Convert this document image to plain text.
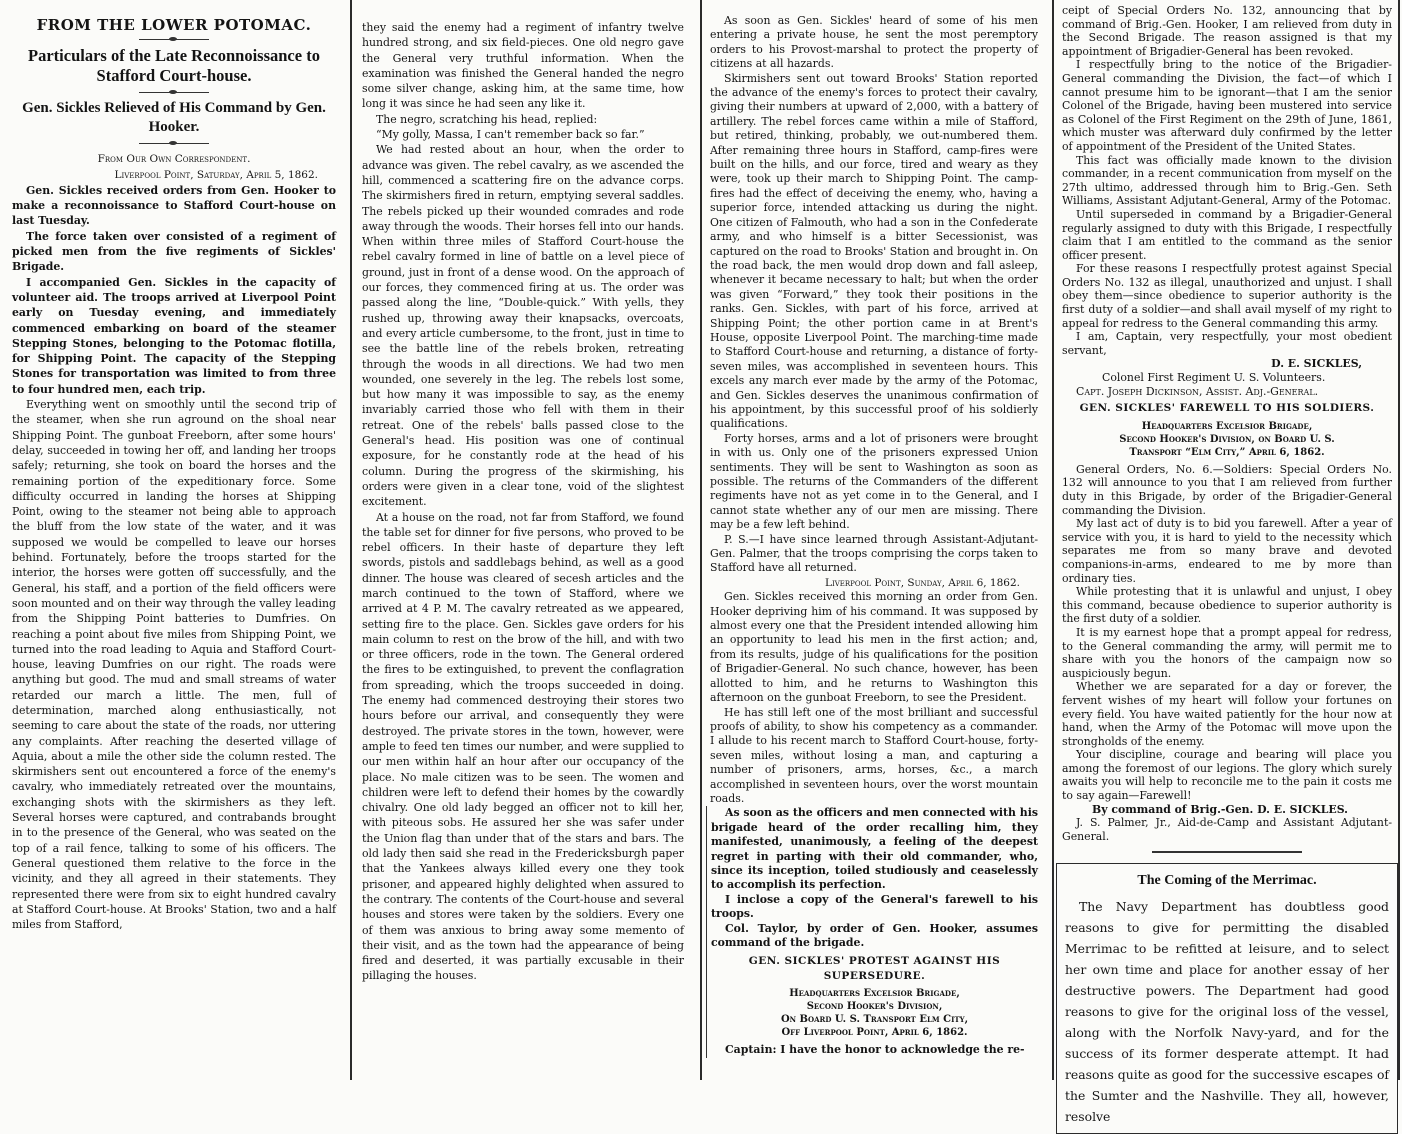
FROM THE LOWER POTOMAC.
Particulars of the Late Reconnoissance to Stafford Court-house.
Gen. Sickles Relieved of His Command by Gen. Hooker.
From Our Own Correspondent.
Liverpool Point, Saturday, April 5, 1862.

Gen. Sickles received orders from Gen. Hooker to make a reconnoissance to Stafford Court-house on last Tuesday.

The force taken over consisted of a regiment of picked men from the five regiments of Sickles' Brigade.

I accompanied Gen. Sickles in the capacity of volunteer aid. The troops arrived at Liverpool Point early on Tuesday evening, and immediately commenced embarking on board of the steamer Stepping Stones, belonging to the Potomac flotilla, for Shipping Point. The capacity of the Stepping Stones for transportation was limited to from three to four hundred men, each trip.

Everything went on smoothly until the second trip of the steamer, when she run aground on the shoal near Shipping Point. The gunboat Freeborn, after some hours' delay, succeeded in towing her off, and landing her troops safely; returning, she took on board the horses and the remaining portion of the expeditionary force. Some difficulty occurred in landing the horses at Shipping Point, owing to the steamer not being able to approach the bluff from the low state of the water, and it was supposed we would be compelled to leave our horses behind. Fortunately, before the troops started for the interior, the horses were gotten off successfully, and the General, his staff, and a portion of the field officers were soon mounted and on their way through the valley leading from the Shipping Point batteries to Dumfries. On reaching a point about five miles from Shipping Point, we turned into the road leading to Aquia and Stafford Court-house, leaving Dumfries on our right. The roads were anything but good. The mud and small streams of water retarded our march a little. The men, full of determination, marched along enthusiastically, not seeming to care about the state of the roads, nor uttering any complaints. After reaching the deserted village of Aquia, about a mile the other side the column rested. The skirmishers sent out encountered a force of the enemy's cavalry, who immediately retreated over the mountains, exchanging shots with the skirmishers as they left. Several horses were captured, and contrabands brought in to the presence of the General, who was seated on the top of a rail fence, talking to some of his officers. The General questioned them relative to the force in the vicinity, and they all agreed in their statements. They represented there were from six to eight hundred cavalry at Stafford Court-house. At Brooks' Station, two and a half miles from Stafford,

they said the enemy had a regiment of infantry twelve hundred strong, and six field-pieces. One old negro gave the General very truthful information. When the examination was finished the General handed the negro some silver change, asking him, at the same time, how long it was since he had seen any like it.

The negro, scratching his head, replied:

“My golly, Massa, I can't remember back so far.”

We had rested about an hour, when the order to advance was given. The rebel cavalry, as we ascended the hill, commenced a scattering fire on the advance corps. The skirmishers fired in return, emptying several saddles. The rebels picked up their wounded comrades and rode away through the woods. Their horses fell into our hands. When within three miles of Stafford Court-house the rebel cavalry formed in line of battle on a level piece of ground, just in front of a dense wood. On the approach of our forces, they commenced firing at us. The order was passed along the line, “Double-quick.” With yells, they rushed up, throwing away their knapsacks, overcoats, and every article cumbersome, to the front, just in time to see the battle line of the rebels broken, retreating through the woods in all directions. We had two men wounded, one severely in the leg. The rebels lost some, but how many it was impossible to say, as the enemy invariably carried those who fell with them in their retreat. One of the rebels' balls passed close to the General's head. His position was one of continual exposure, for he constantly rode at the head of his column. During the progress of the skirmishing, his orders were given in a clear tone, void of the slightest excitement.

At a house on the road, not far from Stafford, we found the table set for dinner for five persons, who proved to be rebel officers. In their haste of departure they left swords, pistols and saddlebags behind, as well as a good dinner. The house was cleared of secesh articles and the march continued to the town of Stafford, where we arrived at 4 P. M. The cavalry retreated as we appeared, setting fire to the place. Gen. Sickles gave orders for his main column to rest on the brow of the hill, and with two or three officers, rode in the town. The General ordered the fires to be extinguished, to prevent the conflagration from spreading, which the troops succeeded in doing. The enemy had commenced destroying their stores two hours before our arrival, and consequently they were destroyed. The private stores in the town, however, were ample to feed ten times our number, and were supplied to our men within half an hour after our occupancy of the place. No male citizen was to be seen. The women and children were left to defend their homes by the cowardly chivalry. One old lady begged an officer not to kill her, with piteous sobs. He assured her she was safer under the Union flag than under that of the stars and bars. The old lady then said she read in the Fredericksburgh paper that the Yankees always killed every one they took prisoner, and appeared highly delighted when assured to the contrary. The contents of the Court-house and several houses and stores were taken by the soldiers. Every one of them was anxious to bring away some memento of their visit, and as the town had the appearance of being fired and deserted, it was partially excusable in their pillaging the houses.

As soon as Gen. Sickles' heard of some of his men entering a private house, he sent the most peremptory orders to his Provost-marshal to protect the property of citizens at all hazards.

Skirmishers sent out toward Brooks' Station reported the advance of the enemy's forces to protect their cavalry, giving their numbers at upward of 2,000, with a battery of artillery. The rebel forces came within a mile of Stafford, but retired, thinking, probably, we out-numbered them. After remaining three hours in Stafford, camp-fires were built on the hills, and our force, tired and weary as they were, took up their march to Shipping Point. The camp-fires had the effect of deceiving the enemy, who, having a superior force, intended attacking us during the night. One citizen of Falmouth, who had a son in the Confederate army, and who himself is a bitter Secessionist, was captured on the road to Brooks' Station and brought in. On the road back, the men would drop down and fall asleep, whenever it became necessary to halt; but when the order was given “Forward,” they took their positions in the ranks. Gen. Sickles, with part of his force, arrived at Shipping Point; the other portion came in at Brent's House, opposite Liverpool Point. The marching-time made to Stafford Court-house and returning, a distance of forty-seven miles, was accomplished in seventeen hours. This excels any march ever made by the army of the Potomac, and Gen. Sickles deserves the unanimous confirmation of his appointment, by this successful proof of his soldierly qualifications.

Forty horses, arms and a lot of prisoners were brought in with us. Only one of the prisoners expressed Union sentiments. They will be sent to Washington as soon as possible. The returns of the Commanders of the different regiments have not as yet come in to the General, and I cannot state whether any of our men are missing. There may be a few left behind.

P. S.—I have since learned through Assistant-Adjutant-Gen. Palmer, that the troops comprising the corps taken to Stafford have all returned.

Liverpool Point, Sunday, April 6, 1862.

Gen. Sickles received this morning an order from Gen. Hooker depriving him of his command. It was supposed by almost every one that the President intended allowing him an opportunity to lead his men in the first action; and, from its results, judge of his qualifications for the position of Brigadier-General. No such chance, however, has been allotted to him, and he returns to Washington this afternoon on the gunboat Freeborn, to see the President.

He has still left one of the most brilliant and successful proofs of ability, to show his competency as a commander. I allude to his recent march to Stafford Court-house, forty-seven miles, without losing a man, and capturing a number of prisoners, arms, horses, &c., a march accomplished in seventeen hours, over the worst mountain roads.

As soon as the officers and men connected with his brigade heard of the order recalling him, they manifested, unanimously, a feeling of the deepest regret in parting with their old commander, who, since its inception, toiled studiously and ceaselessly to accomplish its perfection.

I inclose a copy of the General's farewell to his troops.

Col. Taylor, by order of Gen. Hooker, assumes command of the brigade.

GEN. SICKLES' PROTEST AGAINST HIS SUPERSEDURE.
Headquarters Excelsior Brigade,
Second Hooker's Division,
On Board U. S. Transport Elm City,
Off Liverpool Point, April 6, 1862.

Captain: I have the honor to acknowledge the re-

ceipt of Special Orders No. 132, announcing that by command of Brig.-Gen. Hooker, I am relieved from duty in the Second Brigade. The reason assigned is that my appointment of Brigadier-General has been revoked.

I respectfully bring to the notice of the Brigadier-General commanding the Division, the fact—of which I cannot presume him to be ignorant—that I am the senior Colonel of the Brigade, having been mustered into service as Colonel of the First Regiment on the 29th of June, 1861, which muster was afterward duly confirmed by the letter of appointment of the President of the United States.

This fact was officially made known to the division commander, in a recent communication from myself on the 27th ultimo, addressed through him to Brig.-Gen. Seth Williams, Assistant Adjutant-General, Army of the Potomac.

Until superseded in command by a Brigadier-General regularly assigned to duty with this Brigade, I respectfully claim that I am entitled to the command as the senior officer present.

For these reasons I respectfully protest against Special Orders No. 132 as illegal, unauthorized and unjust. I shall obey them—since obedience to superior authority is the first duty of a soldier—and shall avail myself of my right to appeal for redress to the General commanding this army.

I am, Captain, very respectfully, your most obedient servant,

D. E. SICKLES,
Colonel First Regiment U. S. Volunteers.
Capt. Joseph Dickinson, Assist. Adj.-General.
GEN. SICKLES' FAREWELL TO HIS SOLDIERS.
Headquarters Excelsior Brigade,
Second Hooker's Division, on Board U. S.
Transport “Elm City,” April 6, 1862.

General Orders, No. 6.—Soldiers: Special Orders No. 132 will announce to you that I am relieved from further duty in this Brigade, by order of the Brigadier-General commanding the Division.

My last act of duty is to bid you farewell. After a year of service with you, it is hard to yield to the necessity which separates me from so many brave and devoted companions-in-arms, endeared to me by more than ordinary ties.

While protesting that it is unlawful and unjust, I obey this command, because obedience to superior authority is the first duty of a soldier.

It is my earnest hope that a prompt appeal for redress, to the General commanding the army, will permit me to share with you the honors of the campaign now so auspiciously begun.

Whether we are separated for a day or forever, the fervent wishes of my heart will follow your fortunes on every field. You have waited patiently for the hour now at hand, when the Army of the Potomac will move upon the strongholds of the enemy.

Your discipline, courage and bearing will place you among the foremost of our legions. The glory which surely awaits you will help to reconcile me to the pain it costs me to say again—Farewell!

By command of Brig.-Gen. D. E. SICKLES.

J. S. Palmer, Jr., Aid-de-Camp and Assistant Adjutant-General.

The Coming of the Merrimac.

The Navy Department has doubtless good reasons to give for permitting the disabled Merrimac to be refitted at leisure, and to select her own time and place for another essay of her destructive powers. The Department had good reasons to give for the original loss of the vessel, along with the Norfolk Navy-yard, and for the success of its former desperate attempt. It had reasons quite as good for the successive escapes of the Sumter and the Nashville. They all, however, resolve
